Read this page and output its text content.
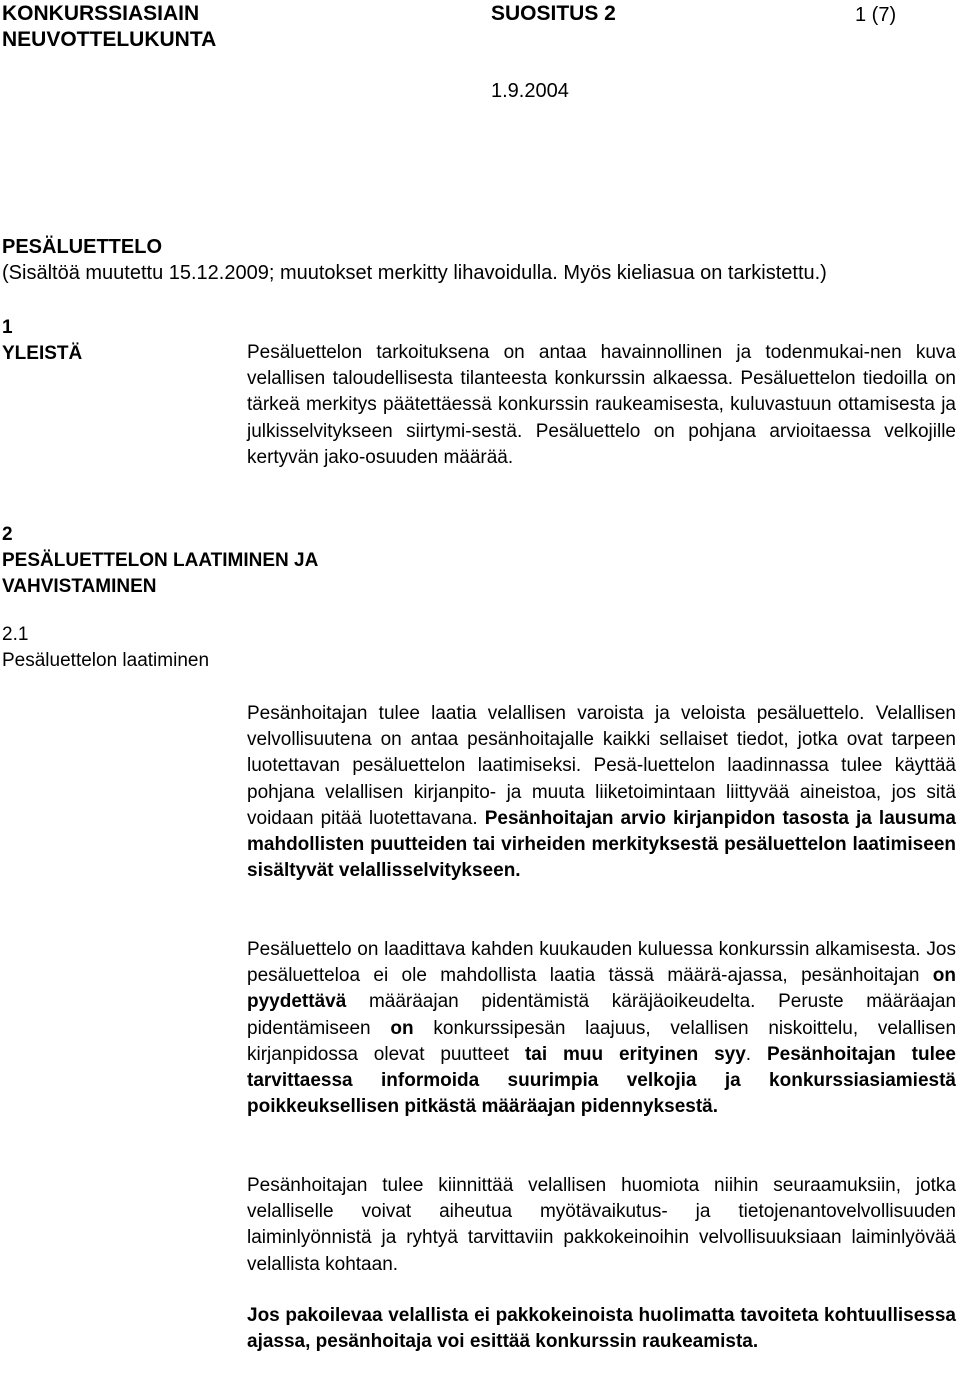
KONKURSSIASIAIN
NEUVOTTELUKUNTA
SUOSITUS 2	1 (7)
1.9.2004
PESÄLUETTELO
(Sisältöä muutettu 15.12.2009; muutokset merkitty lihavoidulla. Myös kieliasua on tarkistettu.)
1
YLEISTÄ	Pesäluettelon tarkoituksena on antaa havainnollinen ja todenmukai-nen kuva velallisen taloudellisesta tilanteesta konkurssin alkaessa. Pesäluettelon tiedoilla on tärkeä merkitys päätettäessä konkurssin raukeamisesta, kuluvastuun ottamisesta ja julkisselvitykseen siirtymi-sestä. Pesäluettelo on pohjana arvioitaessa velkojille kertyvän jako-osuuden määrää.

2
PESÄLUETTELON LAATIMINEN JA
VAHVISTAMINEN
2.1
Pesäluettelon laatiminen

Pesänhoitajan tulee laatia velallisen varoista ja veloista pesäluettelo. Velallisen velvollisuutena on antaa pesänhoitajalle kaikki sellaiset tiedot, jotka ovat tarpeen luotettavan pesäluettelon laatimiseksi. Pesä-luettelon laadinnassa tulee käyttää pohjana velallisen kirjanpito- ja muuta liiketoimintaan liittyvää aineistoa, jos sitä voidaan pitää luotettavana. Pesänhoitajan arvio kirjanpidon tasosta ja lausuma mahdollisten puutteiden tai virheiden merkityksestä pesäluettelon laatimiseen sisältyvät velallisselvitykseen.

Pesäluettelo on laadittava kahden kuukauden kuluessa konkurssin alkamisesta. Jos pesäluetteloa ei ole mahdollista laatia tässä määrä-ajassa, pesänhoitajan on pyydettävä määräajan pidentämistä käräjäoikeudelta. Peruste määräajan pidentämiseen on konkurssipesän laajuus, velallisen niskoittelu, velallisen kirjanpidossa olevat puutteet tai muu erityinen syy. Pesänhoitajan tulee tarvittaessa informoida suurimpia velkojia ja konkurssiasiamiestä poikkeuksellisen pitkästä määräajan pidennyksestä.

Pesänhoitajan tulee kiinnittää velallisen huomiota niihin seuraamuksiin, jotka velalliselle voivat aiheutua myötävaikutus- ja tietojenantovelvollisuuden laiminlyönnistä ja ryhtyä tarvittaviin pakkokeinoihin velvollisuuksiaan laiminlyövää velallista kohtaan.

Jos pakoilevaa velallista ei pakkokeinoista huolimatta tavoiteta kohtuullisessa ajassa, pesänhoitaja voi esittää konkurssin raukeamista.
